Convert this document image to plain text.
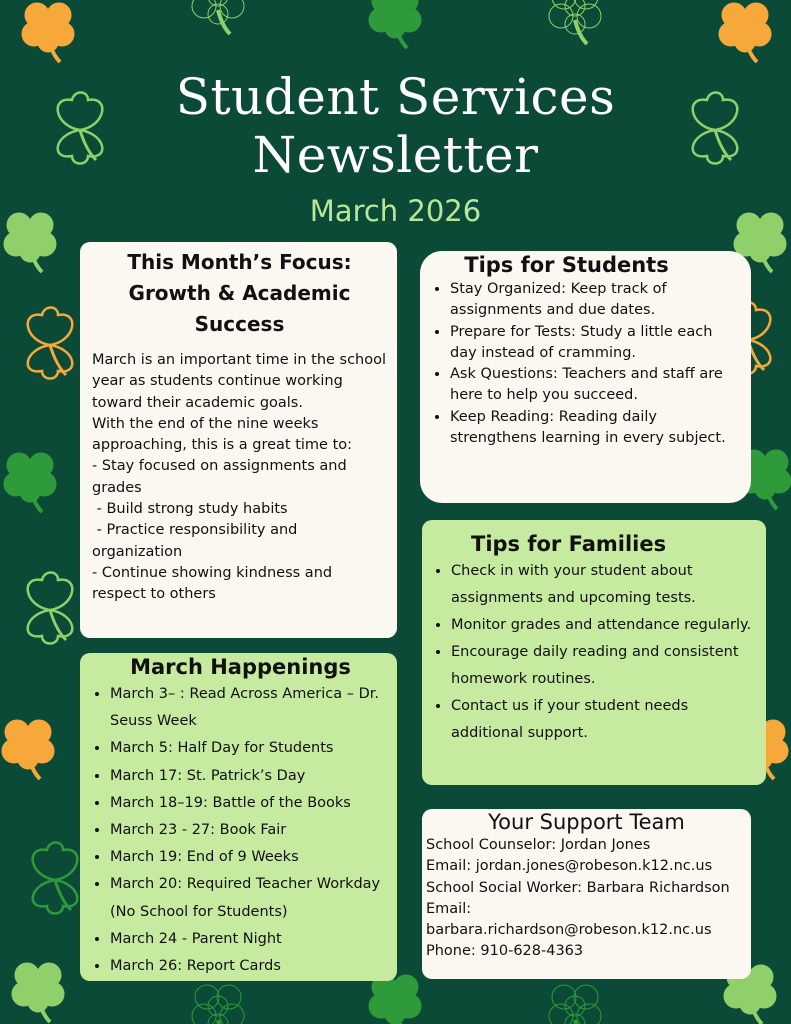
Student Services
Newsletter
March 2026
This Month’s Focus: Growth & Academic Success
March is an important time in the school year as students continue working toward their academic goals.
With the end of the nine weeks approaching, this is a great time to:
- Stay focused on assignments and grades
- Build strong study habits
- Practice responsibility and organization
- Continue showing kindness and respect to others
Tips for Students
• Stay Organized: Keep track of assignments and due dates.
• Prepare for Tests: Study a little each day instead of cramming.
• Ask Questions: Teachers and staff are here to help you succeed.
• Keep Reading: Reading daily strengthens learning in every subject.
Tips for Families
• Check in with your student about assignments and upcoming tests.
• Monitor grades and attendance regularly.
• Encourage daily reading and consistent homework routines.
• Contact us if your student needs additional support.
March Happenings
• March 3– : Read Across America – Dr. Seuss Week
• March 5: Half Day for Students
• March 17: St. Patrick’s Day
• March 18–19: Battle of the Books
• March 23 - 27: Book Fair
• March 19: End of 9 Weeks
• March 20: Required Teacher Workday (No School for Students)
• March 24 - Parent Night
• March 26: Report Cards
Your Support Team
School Counselor: Jordan Jones
Email: jordan.jones@robeson.k12.nc.us
School Social Worker: Barbara Richardson
Email:
barbara.richardson@robeson.k12.nc.us
Phone: 910-628-4363
